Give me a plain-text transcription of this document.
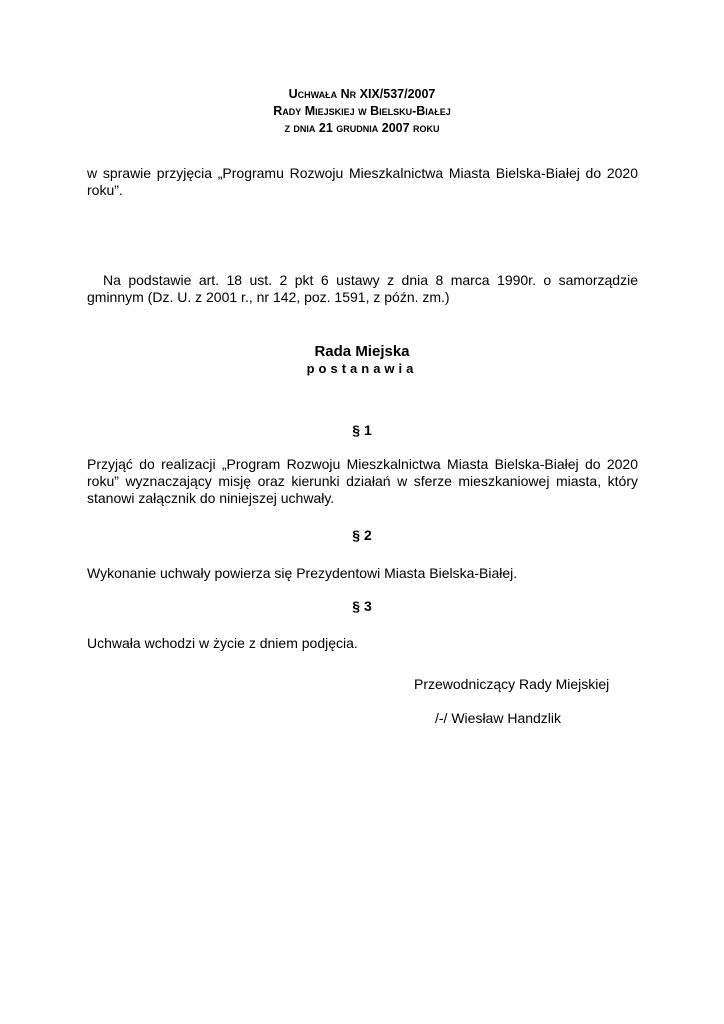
Uchwała Nr XIX/537/2007
Rady Miejskiej w Bielsku-Białej
z dnia 21 grudnia 2007 roku
w sprawie przyjęcia „Programu Rozwoju Mieszkalnictwa Miasta Bielska-Białej do 2020 roku”.
Na podstawie art. 18 ust. 2 pkt 6 ustawy z dnia 8 marca 1990r. o samorządzie gminnym (Dz. U. z 2001 r., nr 142, poz. 1591, z późn. zm.)
Rada Miejska
postanawia
§ 1
Przyjąć do realizacji „Program Rozwoju Mieszkalnictwa Miasta Bielska-Białej do 2020 roku” wyznaczający misję oraz kierunki działań w sferze mieszkaniowej miasta, który stanowi załącznik do niniejszej uchwały.
§ 2
Wykonanie uchwały powierza się Prezydentowi Miasta Bielska-Białej.
§ 3
Uchwała wchodzi w życie z dniem podjęcia.
Przewodniczący Rady Miejskiej
/-/ Wiesław Handzlik
